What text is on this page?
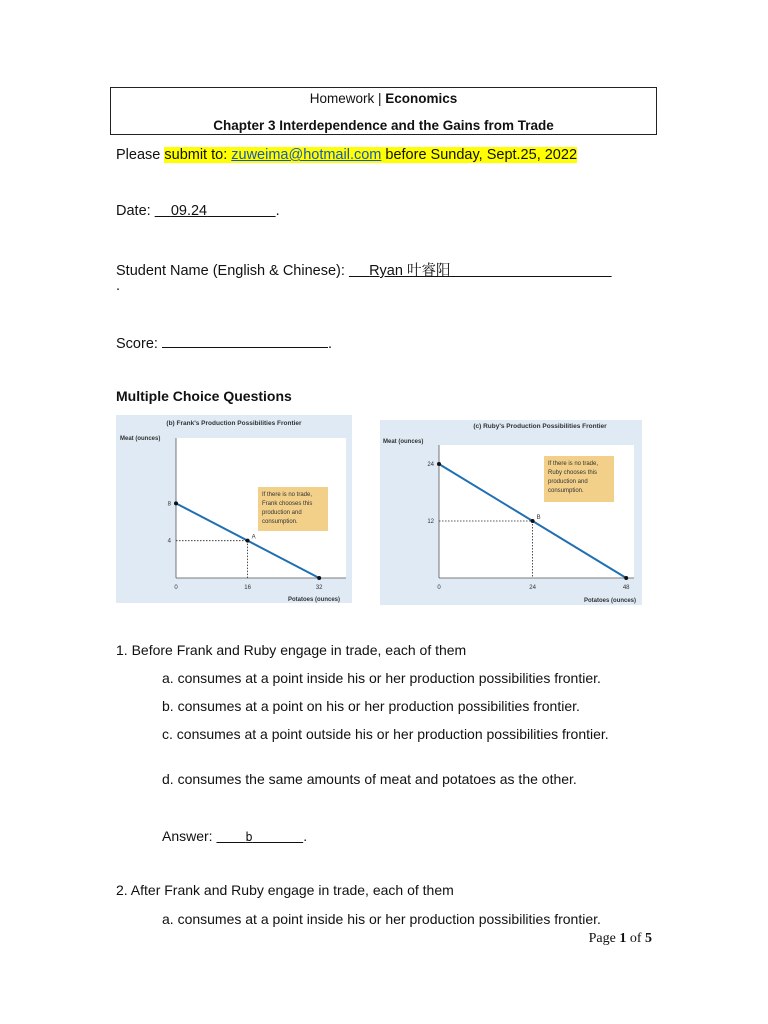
Homework | Economics
Chapter 3 Interdependence and the Gains from Trade
Please submit to: zuweima@hotmail.com before Sunday, Sept.25, 2022
Date:     09.24	.
Student Name (English & Chinese):      Ryan 叶睿阳
.
Score:	.
Multiple Choice Questions
(b) Frank's Production Possibilities Frontier
Meat (ounces)
Potatoes (ounces)
0	16	32
4
8
A
If there is no trade,
Frank chooses this
production and
consumption.
(c) Ruby's Production Possibilities Frontier
Meat (ounces)
Potatoes (ounces)
0	24	48
12
24
B
If there is no trade,
Ruby chooses this
production and
consumption.
1. Before Frank and Ruby engage in trade, each of them
a. consumes at a point inside his or her production possibilities frontier.
b. consumes at a point on his or her production possibilities frontier.
c. consumes at a point outside his or her production possibilities frontier.
d. consumes the same amounts of meat and potatoes as the other.
Answer:     b	.
2. After Frank and Ruby engage in trade, each of them
a. consumes at a point inside his or her production possibilities frontier.
Page 1 of 5
